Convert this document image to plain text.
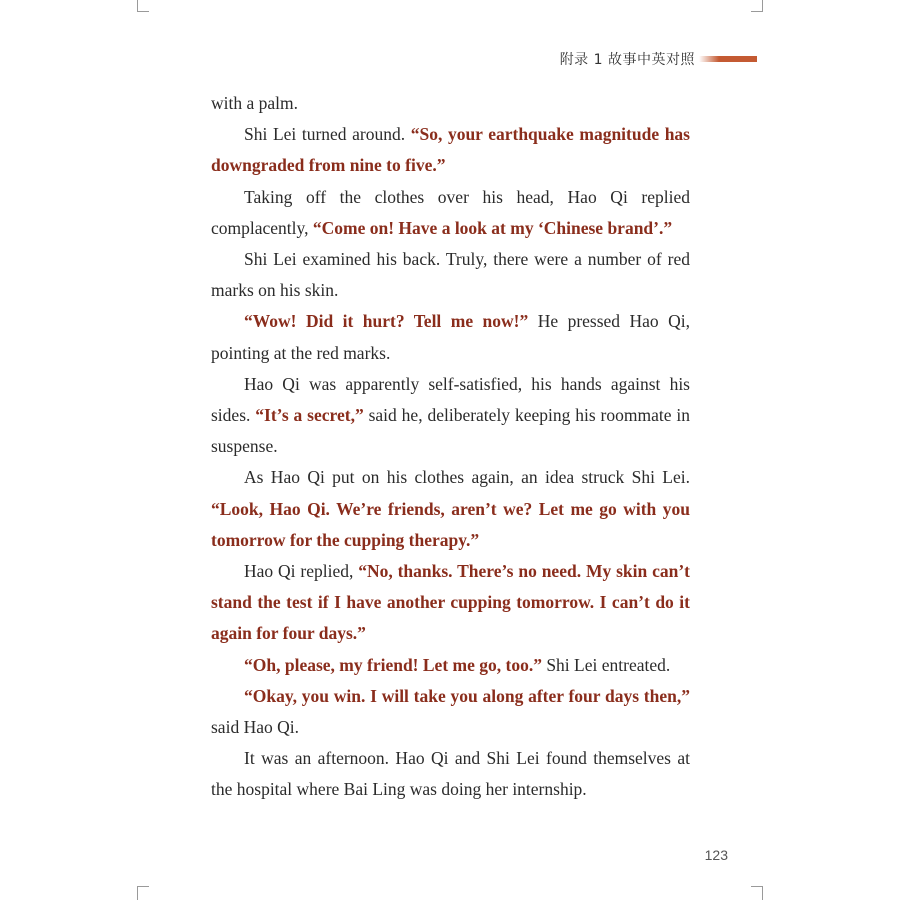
附录 1 故事中英对照

with a palm.

Shi Lei turned around. “So, your earthquake magnitude has downgraded from nine to five.”

Taking off the clothes over his head, Hao Qi replied complacently, “Come on! Have a look at my ‘Chinese brand’.”

Shi Lei examined his back. Truly, there were a number of red marks on his skin.

“Wow! Did it hurt? Tell me now!” He pressed Hao Qi, pointing at the red marks.

Hao Qi was apparently self-satisfied, his hands against his sides. “It’s a secret,” said he, deliberately keeping his roommate in suspense.

As Hao Qi put on his clothes again, an idea struck Shi Lei. “Look, Hao Qi. We’re friends, aren’t we? Let me go with you tomorrow for the cupping therapy.”

Hao Qi replied, “No, thanks. There’s no need. My skin can’t stand the test if I have another cupping tomorrow. I can’t do it again for four days.”

“Oh, please, my friend! Let me go, too.” Shi Lei entreated.

“Okay, you win. I will take you along after four days then,” said Hao Qi.

It was an afternoon. Hao Qi and Shi Lei found themselves at the hospital where Bai Ling was doing her internship.

123
